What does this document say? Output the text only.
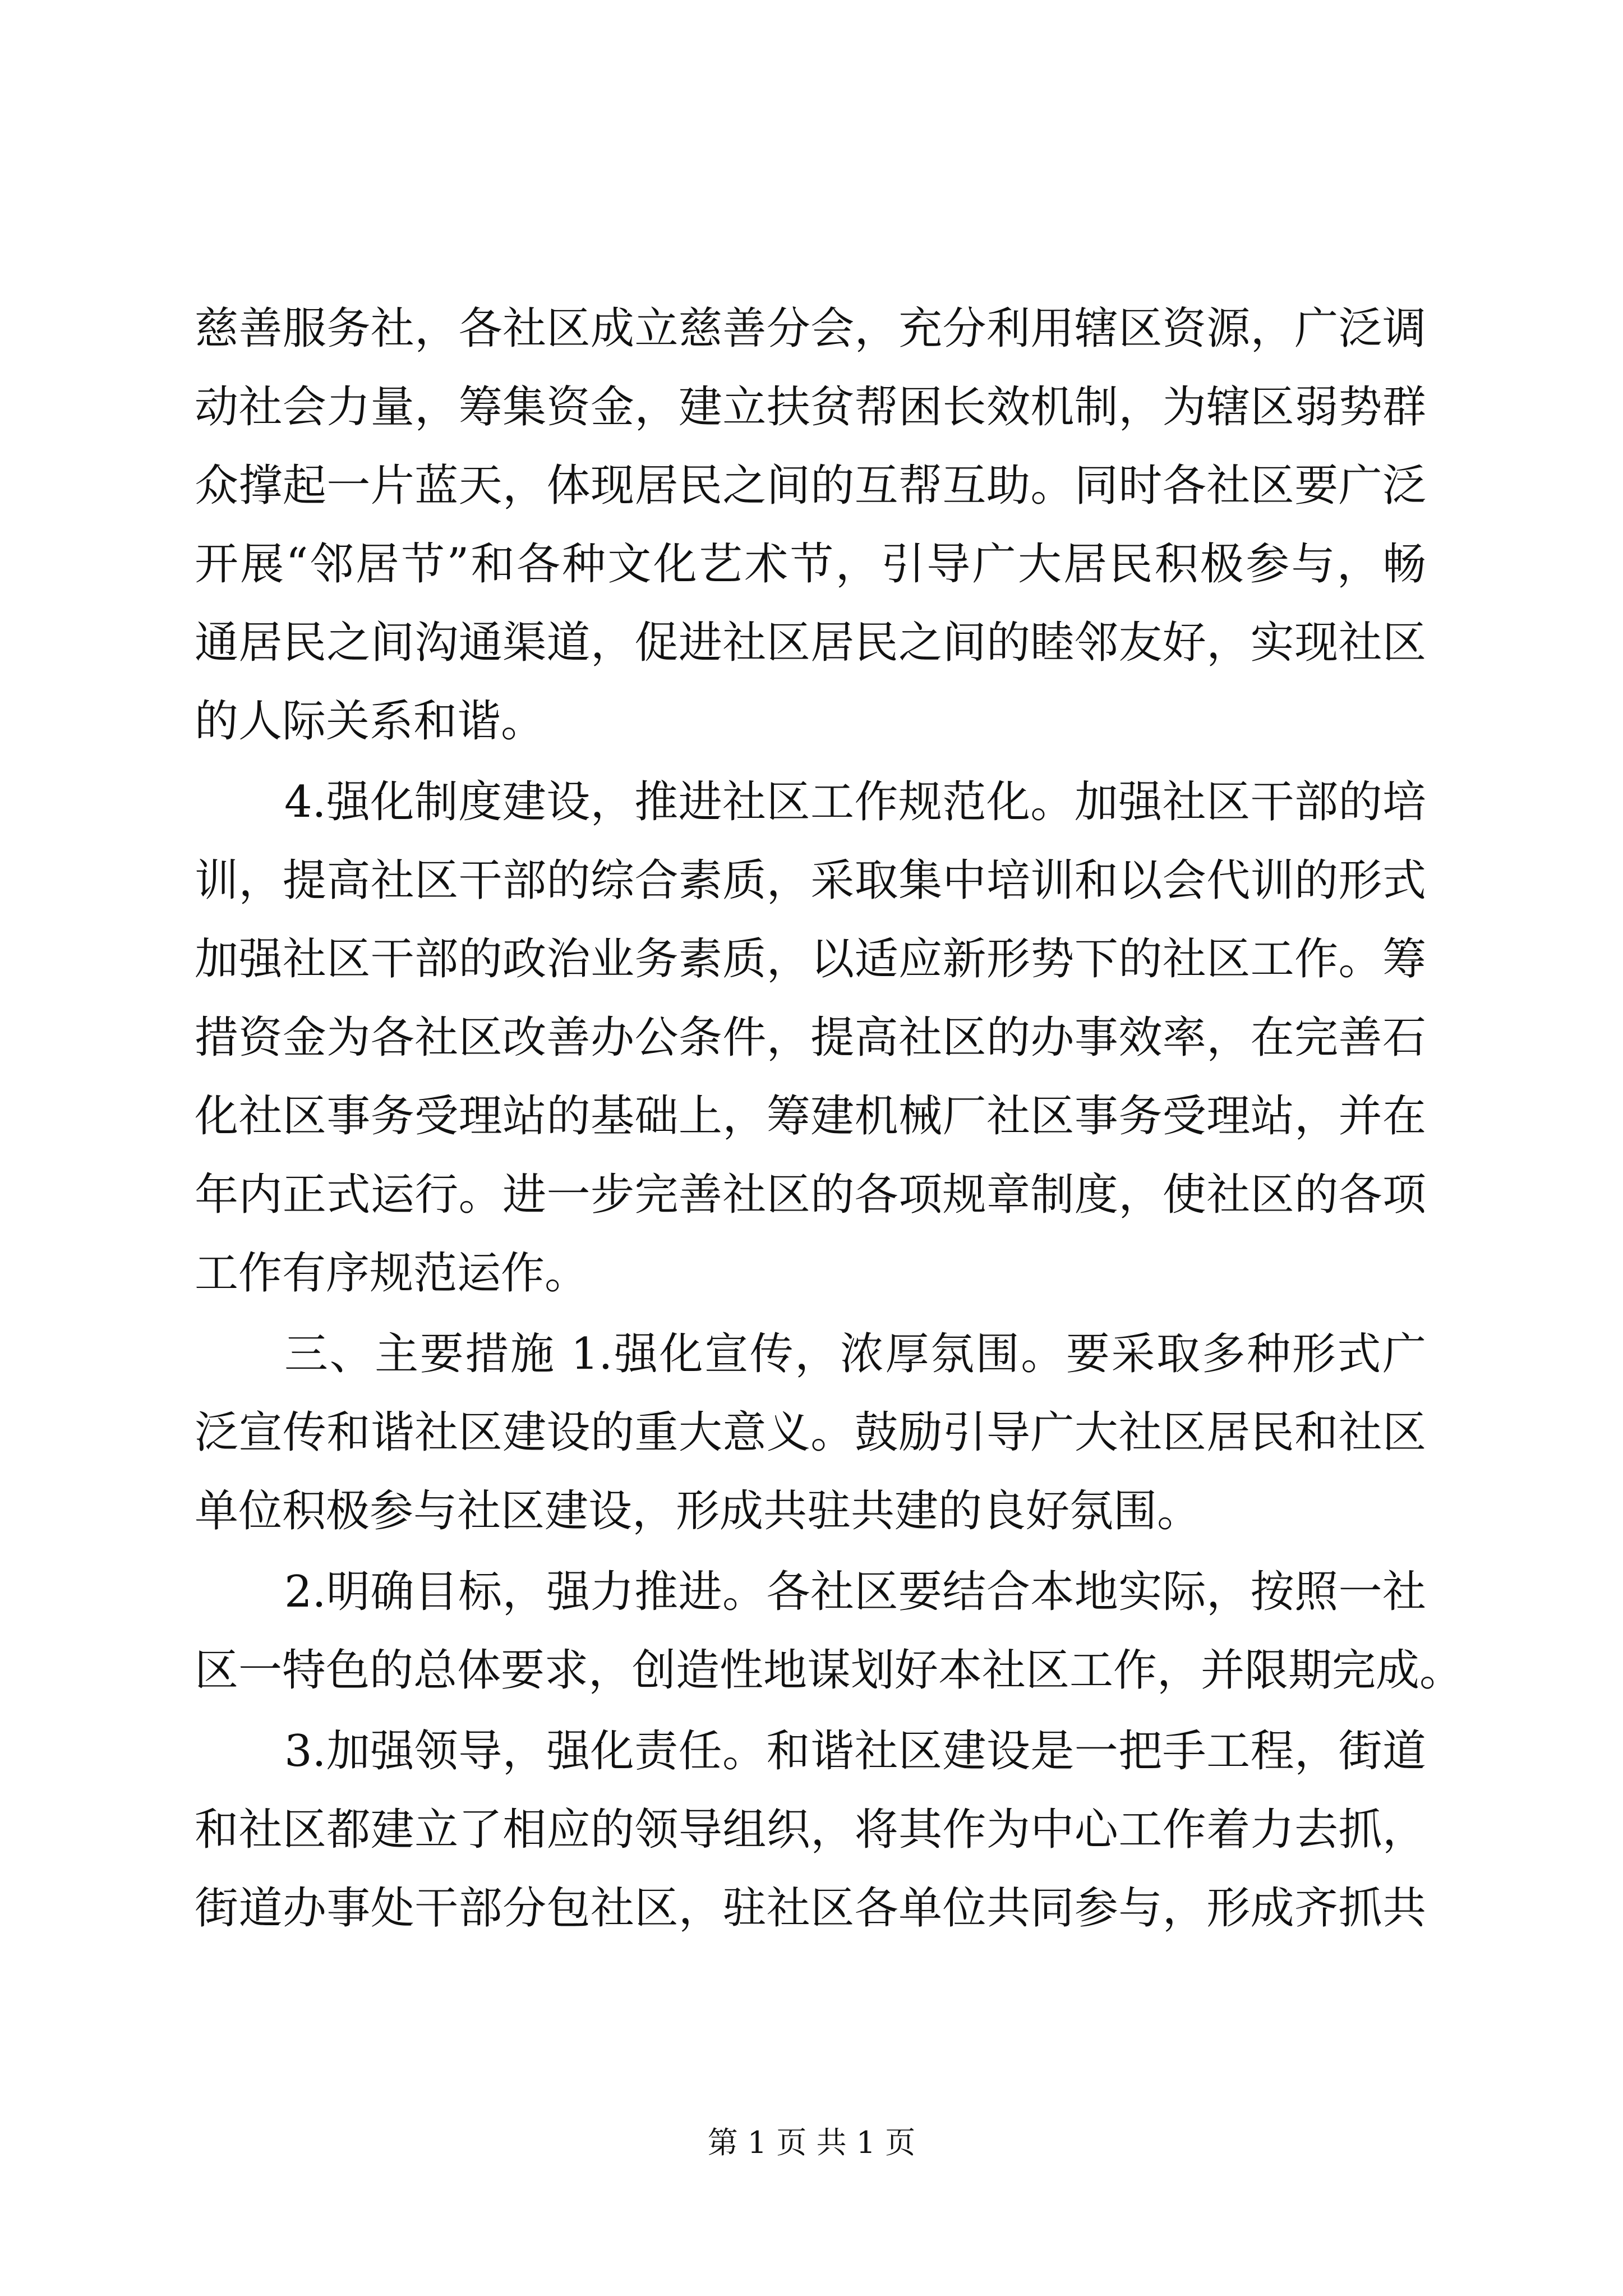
慈善服务社，各社区成立慈善分会，充分利用辖区资源，广泛调
动社会力量，筹集资金，建立扶贫帮困长效机制，为辖区弱势群
众撑起一片蓝天，体现居民之间的互帮互助。同时各社区要广泛
开展“邻居节”和各种文化艺术节，引导广大居民积极参与，畅
通居民之间沟通渠道，促进社区居民之间的睦邻友好，实现社区
的人际关系和谐。
4.强化制度建设，推进社区工作规范化。加强社区干部的培
训，提高社区干部的综合素质，采取集中培训和以会代训的形式
加强社区干部的政治业务素质，以适应新形势下的社区工作。筹
措资金为各社区改善办公条件，提高社区的办事效率，在完善石
化社区事务受理站的基础上，筹建机械厂社区事务受理站，并在
年内正式运行。进一步完善社区的各项规章制度，使社区的各项
工作有序规范运作。
三、主要措施 1.强化宣传，浓厚氛围。要采取多种形式广
泛宣传和谐社区建设的重大意义。鼓励引导广大社区居民和社区
单位积极参与社区建设，形成共驻共建的良好氛围。
2.明确目标，强力推进。各社区要结合本地实际，按照一社
区一特色的总体要求，创造性地谋划好本社区工作，并限期完成。
3.加强领导，强化责任。和谐社区建设是一把手工程，街道
和社区都建立了相应的领导组织，将其作为中心工作着力去抓，
街道办事处干部分包社区，驻社区各单位共同参与，形成齐抓共
第 1 页 共 1 页
